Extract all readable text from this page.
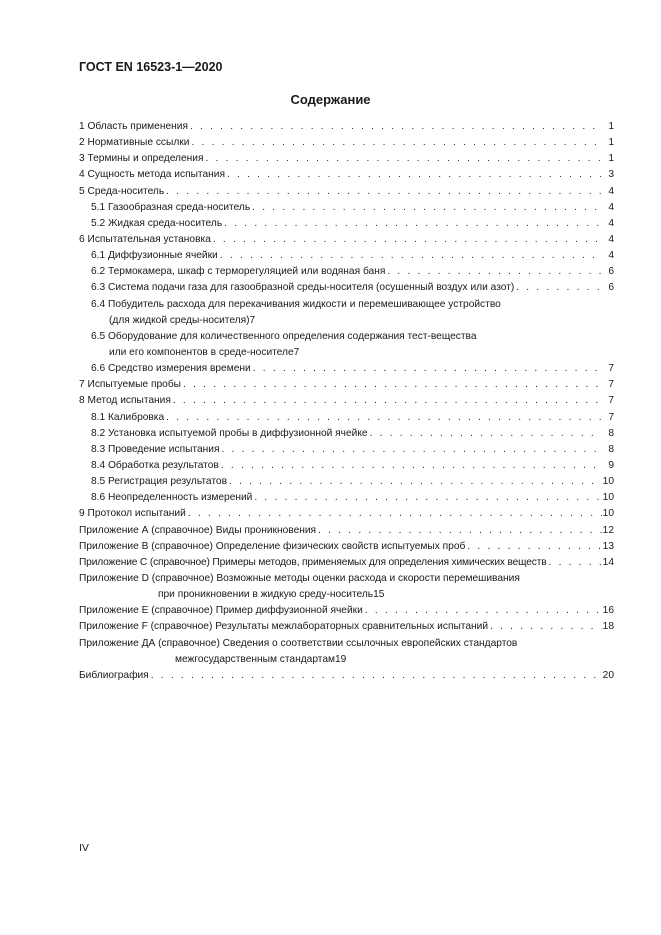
ГОСТ EN 16523-1—2020
Содержание
1 Область применения . . .	1
2 Нормативные ссылки . . .	1
3 Термины и определения . . .	1
4 Сущность метода испытания . . .	3
5 Среда-носитель . . .	4
5.1 Газообразная среда-носитель . . .	4
5.2 Жидкая среда-носитель . . .	4
6 Испытательная установка . . .	4
6.1 Диффузионные ячейки . . .	4
6.2 Термокамера, шкаф с терморегуляцией или водяная баня . . .	6
6.3 Система подачи газа для газообразной среды-носителя (осушенный воздух или азот) . . .	6
6.4 Побудитель расхода для перекачивания жидкости и перемешивающее устройство
(для жидкой среды-носителя) 7
6.5 Оборудование для количественного определения содержания тест-вещества
или его компонентов в среде-носителе 7
6.6 Средство измерения времени . . .	7
7 Испытуемые пробы . . .	7
8 Метод испытания . . .	7
8.1 Калибровка . . .	7
8.2 Установка испытуемой пробы в диффузионной ячейке . . .	8
8.3 Проведение испытания . . .	8
8.4 Обработка результатов . . .	9
8.5 Регистрация результатов . . .	10
8.6 Неопределенность измерений . . .	10
9 Протокол испытаний . . .	10
Приложение А (справочное) Виды проникновения . . .	12
Приложение В (справочное) Определение физических свойств испытуемых проб . . .	13
Приложение С (справочное) Примеры методов, применяемых для определения химических веществ . . .	14
Приложение D (справочное) Возможные методы оценки расхода и скорости перемешивания
при проникновении в жидкую среду-носитель 15
Приложение Е (справочное) Пример диффузионной ячейки . . .	16
Приложение F (справочное) Результаты межлабораторных сравнительных испытаний . . .	18
Приложение ДА (справочное) Сведения о соответствии ссылочных европейских стандартов
межгосударственным стандартам 19
Библиография . . .	20
IV
